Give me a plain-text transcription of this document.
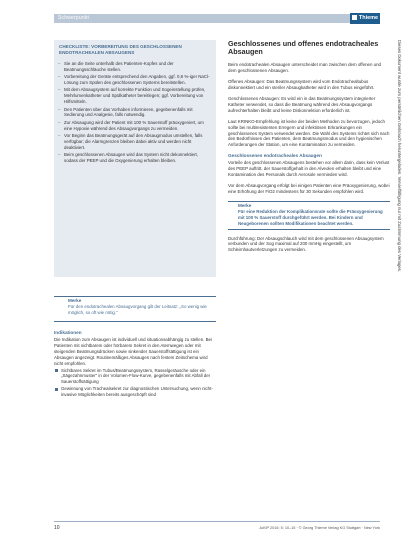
Schwerpunkt	Thieme
CHECKLISTE: VORBEREITUNG DES GESCHLOSSENEN ENDOTRACHEALEN ABSAUGENS
– Sie an die Seite unterhalb des Patienten-Kopfes und der Beatmungsschläuche stellen.
– Vorbereitung der Geräte entsprechend den Angaben, ggf. 0,9 %-iger NaCl-Lösung zum Spülen des geschlossenen Systems bereitstellen.
– Mit dem Absaugsystem auf korrekte Funktion und Sogeinstellung prüfen, Mehrlumenkatheter und Spülkatheter bereitlegen; ggf. Vorbereitung von Hilfsmitteln.
– Den Patienten über das Vorhaben informieren, gegebenenfalls mit Sedierung und Analgesie, falls notwendig.
– Zur Absaugung wird der Patient mit 100 % Sauerstoff präoxygeniert, um eine Hypoxie während des Absaugvorgangs zu vermeiden.
– Vor Beginn das Beatmungsgerät auf den Absaugmodus umstellen, falls verfügbar; die Alarmgrenzen bleiben dabei aktiv und werden nicht deaktiviert.
– Beim geschlossenen Absaugen wird das System nicht dekonnektiert, sodass der PEEP und die Oxygenierung erhalten bleiben.
Merke
Für den endotrachealen Absaugvorgang gilt der Leitsatz: „So wenig wie möglich, so oft wie nötig.“
Indikationen

Die Indikation zum Absaugen ist individuell und situationsabhängig zu stellen. Bei Patienten mit sichtbarem oder hörbarem Sekret in den Atemwegen oder mit steigenden Beatmungsdrücken sowie sinkender Sauerstoffsättigung ist ein Absaugen angezeigt. Routinemäßiges Absaugen nach festem Zeitschema wird nicht empfohlen.

Sichtbares Sekret im Tubus/Beatmungssystem, Rasselgeräusche oder ein „Sägezahnmuster“ in der Volumen-Flow-Kurve, gegebenenfalls mit Abfall der Sauerstoffsättigung
Gewinnung von Trachealsekret zur diagnostischen Untersuchung, wenn nicht-invasive Möglichkeiten bereits ausgeschöpft sind
Geschlossenes und offenes endotracheales Absaugen

Beim endotrachealen Absaugen unterscheidet man zwischen dem offenen und dem geschlossenen Absaugen.

Offenes Absaugen: Das Beatmungssystem wird vom Endotrachealtubus diskonnektiert und ein steriler Absaugkatheter wird in den Tubus eingeführt.

Geschlossenes Absaugen: Es wird ein in das Beatmungssystem integrierter Katheter verwendet, so dass die Beatmung während des Absaugvorgangs aufrechterhalten bleibt und keine Diskonnektion erforderlich ist.

Laut KRINKO-Empfehlung ist keine der beiden Methoden zu bevorzugen, jedoch sollte bei multiresistenten Erregern und infektiösen Erkrankungen ein geschlossenes System verwendet werden. Die Wahl des Systems richtet sich nach den Bedürfnissen des Patienten, dem Beatmungsmodus und den hygienischen Anforderungen der Station, um eine Kontamination zu vermeiden.

Geschlossenes endotracheales Absaugen

Vorteile des geschlossenen Absaugens bestehen vor allem darin, dass kein Verlust des PEEP auftritt, der Sauerstoffgehalt in den Alveolen erhalten bleibt und eine Kontamination des Personals durch Aerosole vermieden wird.

Vor dem Absaugvorgang erfolgt bei einigen Patienten eine Präoxygenierung, wobei eine Erhöhung der FiO2 mindestens für 30 Sekunden empfohlen wird.

Merke
Für eine Reduktion der Komplikationsrate sollte die Präoxygenierung mit 100 % Sauerstoff durchgeführt werden. Bei Kindern und Neugeborenen sollten Modifikationen beachtet werden.

Durchführung: Der Absaugschlauch wird mit dem geschlossenen Absaugsystem verbunden und der Sog maximal auf 200 mmHg eingestellt, um Schleimhautverletzungen zu vermeiden.	Dieses Dokument wurde zum persönlichen Gebrauch heruntergeladen. Vervielfältigung nur mit Zustimmung des Verlages.
10	JuKiP 2016; 5: 10–15 · © Georg Thieme Verlag KG Stuttgart · New York
